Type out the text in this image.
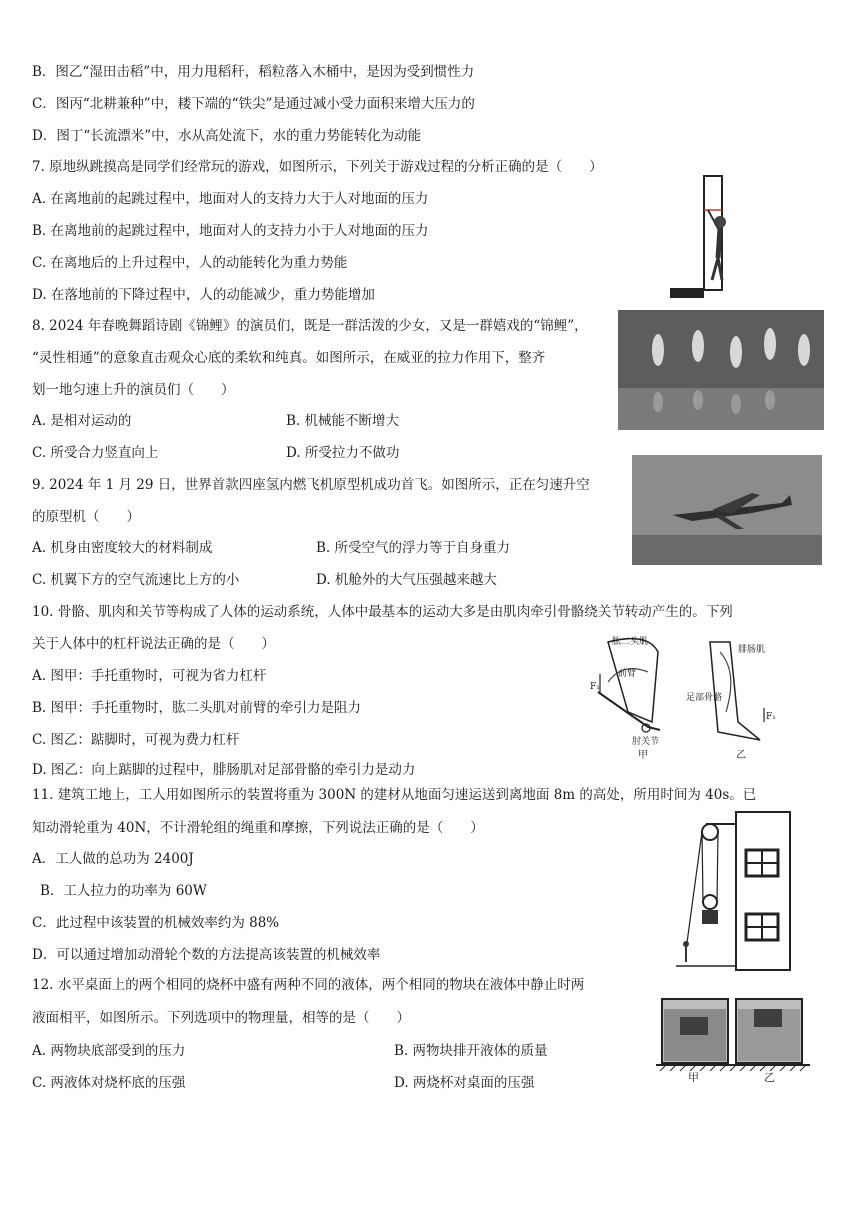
B．图乙“湿田击稻”中，用力甩稻秆，稻粒落入木桶中，是因为受到惯性力
C．图丙“北耕兼种”中，耧下端的“铁尖”是通过减小受力面积来增大压力的
D．图丁“长流漂米”中，水从高处流下，水的重力势能转化为动能
7. 原地纵跳摸高是同学们经常玩的游戏，如图所示，下列关于游戏过程的分析正确的是（　　）
A. 在离地前的起跳过程中，地面对人的支持力大于人对地面的压力
B. 在离地前的起跳过程中，地面对人的支持力小于人对地面的压力
C. 在离地后的上升过程中，人的动能转化为重力势能
D. 在落地前的下降过程中，人的动能减少，重力势能增加
8. 2024 年春晚舞蹈诗剧《锦鲤》的演员们，既是一群活泼的少女，又是一群嬉戏的“锦鲤”，
“灵性相通”的意象直击观众心底的柔软和纯真。如图所示，在威亚的拉力作用下，整齐
划一地匀速上升的演员们（　　）
A. 是相对运动的	B. 机械能不断增大
C. 所受合力竖直向上	D. 所受拉力不做功
9. 2024 年 1 月 29 日，世界首款四座氢内燃飞机原型机成功首飞。如图所示，正在匀速升空
的原型机（　　）
A. 机身由密度较大的材料制成	B. 所受空气的浮力等于自身重力
C. 机翼下方的空气流速比上方的小	D. 机舱外的大气压强越来越大
10. 骨骼、肌肉和关节等构成了人体的运动系统，人体中最基本的运动大多是由肌肉牵引骨骼绕关节转动产生的。下列
关于人体中的杠杆说法正确的是（　　）
A. 图甲：手托重物时，可视为省力杠杆
B. 图甲：手托重物时，肱二头肌对前臂的牵引力是阻力
C. 图乙：踮脚时，可视为费力杠杆
D. 图乙：向上踮脚的过程中，腓肠肌对足部骨骼的牵引力是动力
肱二头肌
前臂
F₁
肘关节
甲
腓肠肌
足部骨骼
F₁
乙
11. 建筑工地上，工人用如图所示的装置将重为 300N 的建材从地面匀速运送到离地面 8m 的高处，所用时间为 40s。已
知动滑轮重为 40N，不计滑轮组的绳重和摩擦，下列说法正确的是（　　）
A．工人做的总功为 2400J
B．工人拉力的功率为 60W
C．此过程中该装置的机械效率约为 88%
D．可以通过增加动滑轮个数的方法提高该装置的机械效率
12. 水平桌面上的两个相同的烧杯中盛有两种不同的液体，两个相同的物块在液体中静止时两
液面相平，如图所示。下列选项中的物理量，相等的是（　　）
A. 两物块底部受到的压力	B. 两物块排开液体的质量
C. 两液体对烧杯底的压强	D. 两烧杯对桌面的压强	甲	乙
